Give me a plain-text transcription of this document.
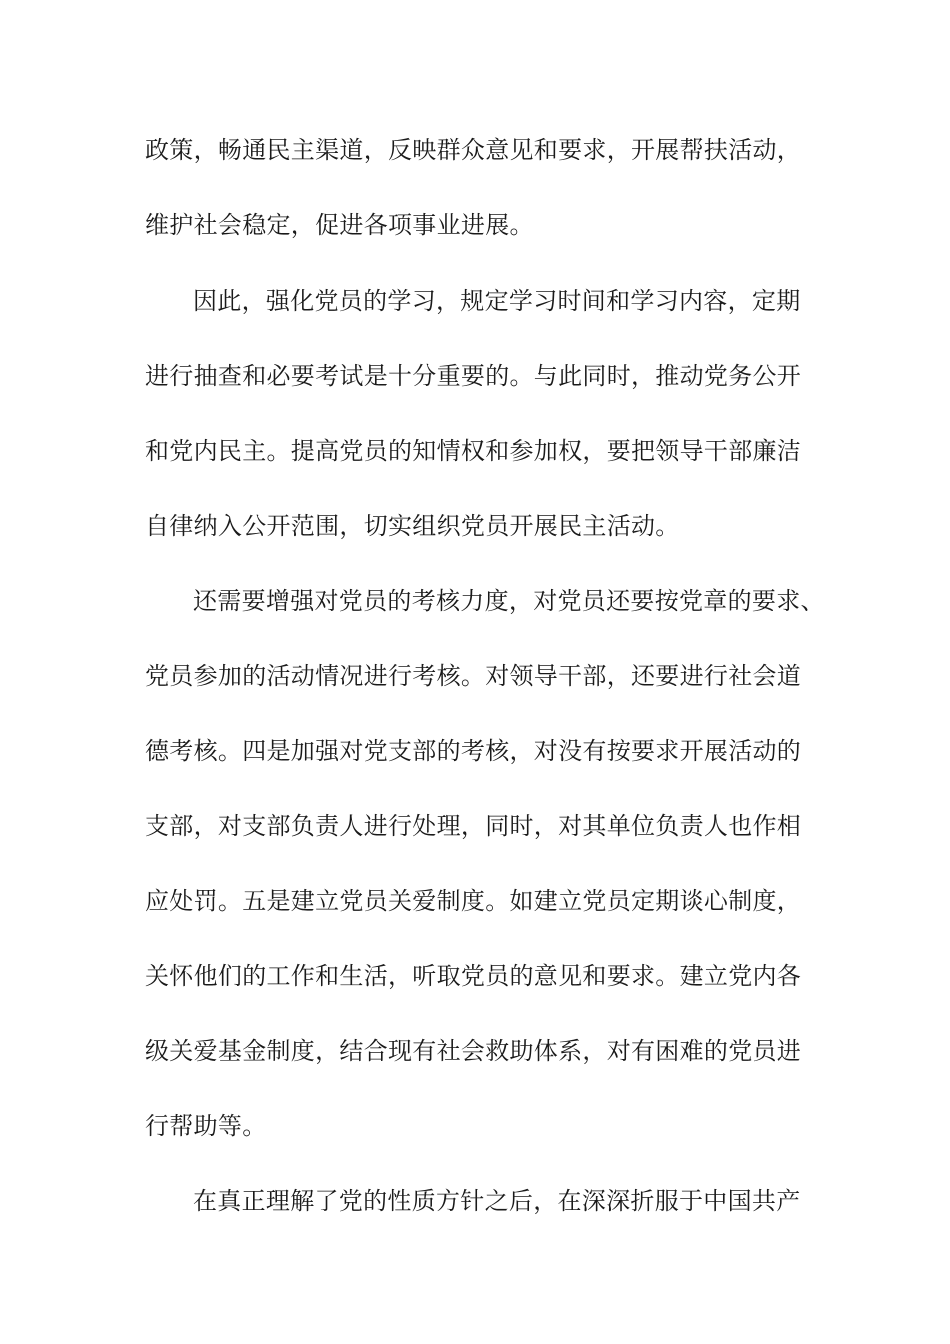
政策，畅通民主渠道，反映群众意见和要求，开展帮扶活动，
维护社会稳定，促进各项事业进展。
因此，强化党员的学习，规定学习时间和学习内容，定期
进行抽查和必要考试是十分重要的。与此同时，推动党务公开
和党内民主。提高党员的知情权和参加权，要把领导干部廉洁
自律纳入公开范围，切实组织党员开展民主活动。
还需要增强对党员的考核力度，对党员还要按党章的要求、
党员参加的活动情况进行考核。对领导干部，还要进行社会道
德考核。四是加强对党支部的考核，对没有按要求开展活动的
支部，对支部负责人进行处理，同时，对其单位负责人也作相
应处罚。五是建立党员关爱制度。如建立党员定期谈心制度，
关怀他们的工作和生活，听取党员的意见和要求。建立党内各
级关爱基金制度，结合现有社会救助体系，对有困难的党员进
行帮助等。
在真正理解了党的性质方针之后，在深深折服于中国共产
